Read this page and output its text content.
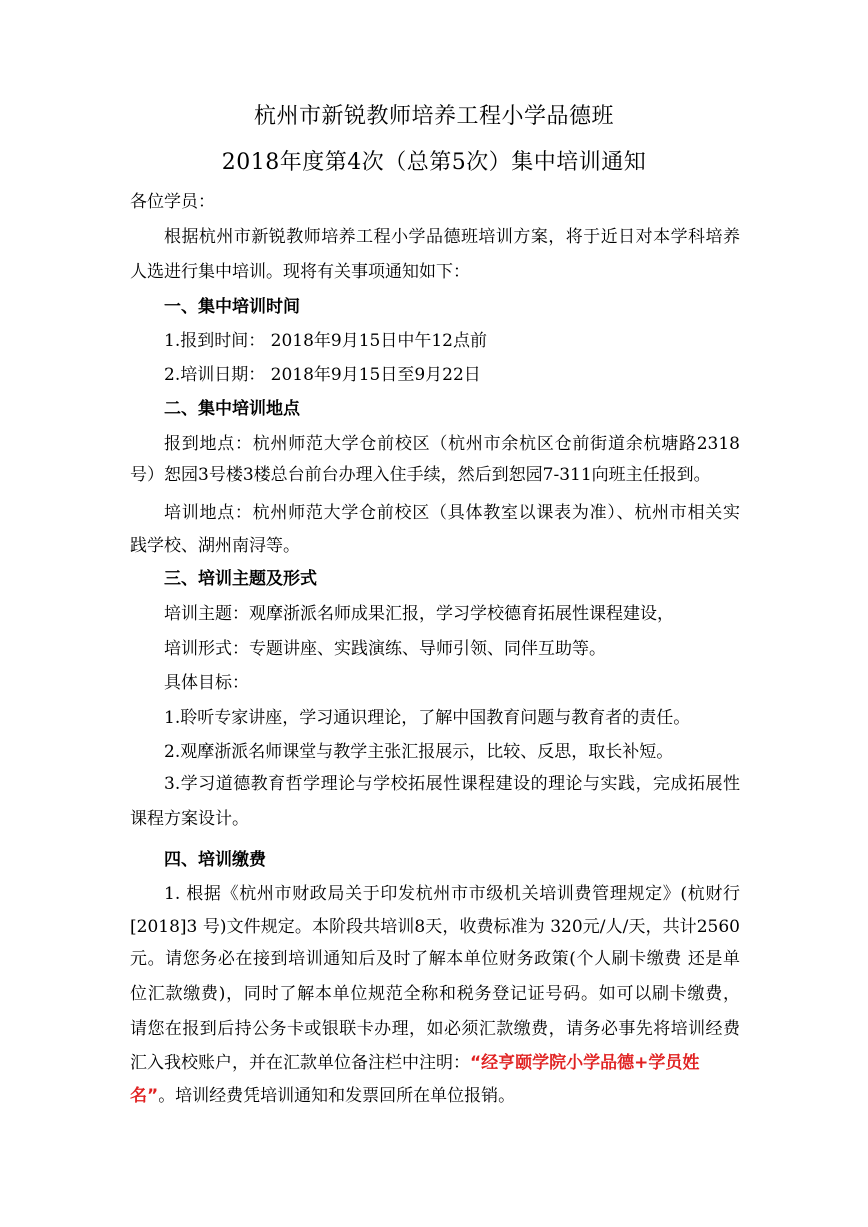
杭州市新锐教师培养工程小学品德班
2018年度第4次（总第5次）集中培训通知
各位学员：
根据杭州市新锐教师培养工程小学品德班培训方案，将于近日对本学科培养
人选进行集中培训。现将有关事项通知如下：
一、集中培训时间
1.报到时间： 2018年9月15日中午12点前
2.培训日期： 2018年9月15日至9月22日
二、集中培训地点
报到地点：杭州师范大学仓前校区（杭州市余杭区仓前街道余杭塘路2318
号）恕园3号楼3楼总台前台办理入住手续，然后到恕园7-311向班主任报到。
培训地点：杭州师范大学仓前校区（具体教室以课表为准）、杭州市相关实
践学校、湖州南浔等。
三、培训主题及形式
培训主题：观摩浙派名师成果汇报，学习学校德育拓展性课程建设，
培训形式：专题讲座、实践演练、导师引领、同伴互助等。
具体目标：
1.聆听专家讲座，学习通识理论，了解中国教育问题与教育者的责任。
2.观摩浙派名师课堂与教学主张汇报展示，比较、反思，取长补短。
3.学习道德教育哲学理论与学校拓展性课程建设的理论与实践，完成拓展性
课程方案设计。
四、培训缴费
1. 根据《杭州市财政局关于印发杭州市市级机关培训费管理规定》(杭财行
[2018]3 号)文件规定。本阶段共培训8天，收费标准为 320元/人/天，共计2560
元。请您务必在接到培训通知后及时了解本单位财务政策(个人刷卡缴费 还是单
位汇款缴费)，同时了解本单位规范全称和税务登记证号码。如可以刷卡缴费，
请您在报到后持公务卡或银联卡办理，如必须汇款缴费，请务必事先将培训经费
汇入我校账户，并在汇款单位备注栏中注明：“经亨颐学院小学品德+学员姓
名”。培训经费凭培训通知和发票回所在单位报销。
